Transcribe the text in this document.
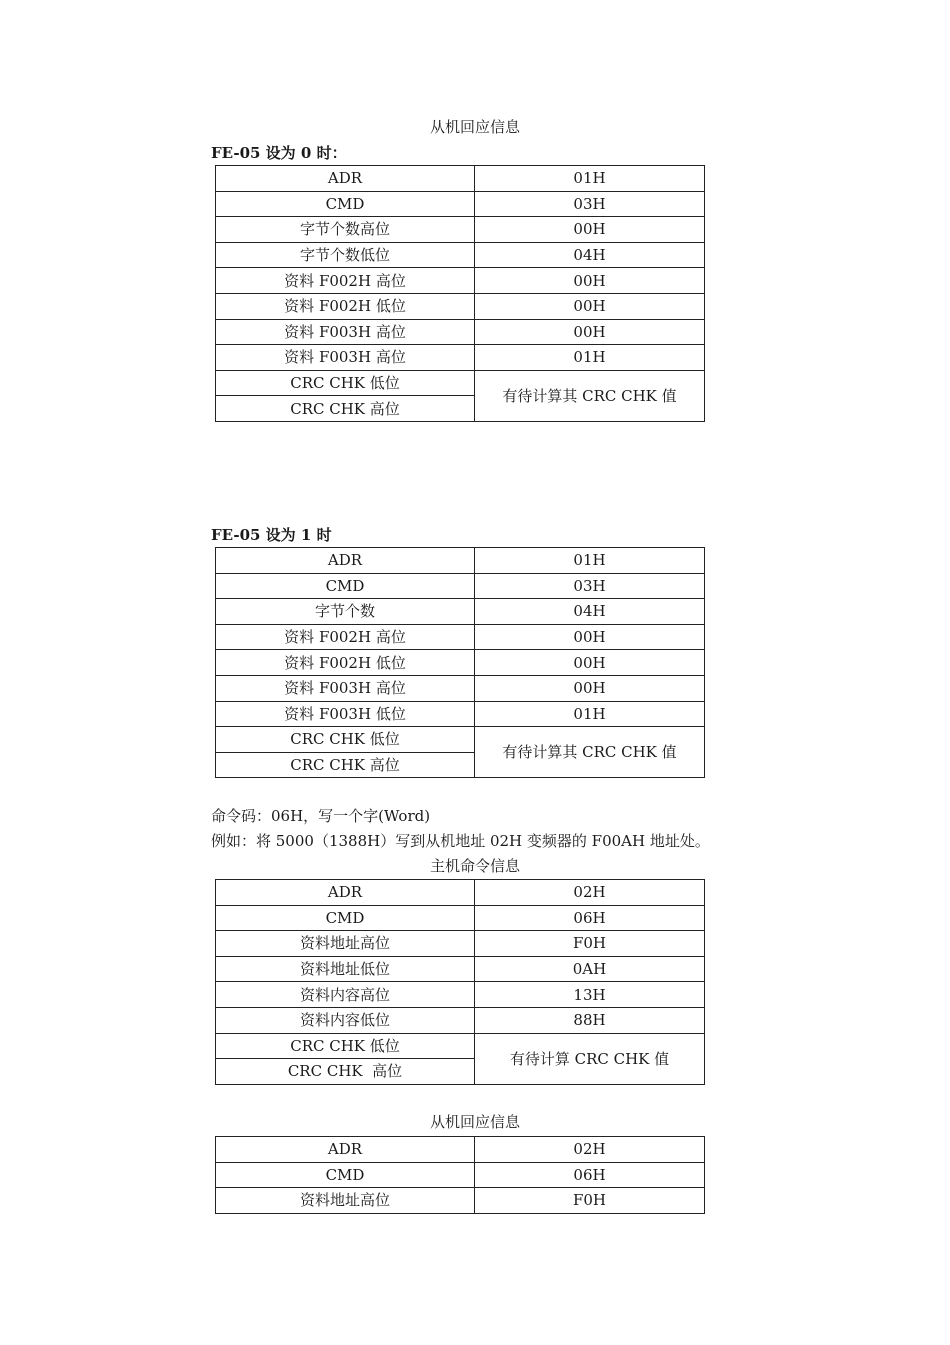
从机回应信息
FE-05 设为 0 时：
ADR	01H
CMD	03H
字节个数高位	00H
字节个数低位	04H
资料 F002H 高位	00H
资料 F002H 低位	00H
资料 F003H 高位	00H
资料 F003H 高位	01H
CRC CHK 低位	有待计算其 CRC CHK 值
CRC CHK 高位	
FE-05 设为 1 时
ADR	01H
CMD	03H
字节个数	04H
资料 F002H 高位	00H
资料 F002H 低位	00H
资料 F003H 高位	00H
资料 F003H 低位	01H
CRC CHK 低位	有待计算其 CRC CHK 值
CRC CHK 高位	
命令码：06H，写一个字(Word)
例如：将 5000（1388H）写到从机地址 02H 变频器的 F00AH 地址处。
主机命令信息
ADR	02H
CMD	06H
资料地址高位	F0H
资料地址低位	0AH
资料内容高位	13H
资料内容低位	88H
CRC CHK 低位	有待计算 CRC CHK 值
CRC CHK  高位	
从机回应信息
ADR	02H
CMD	06H
资料地址高位	F0H
